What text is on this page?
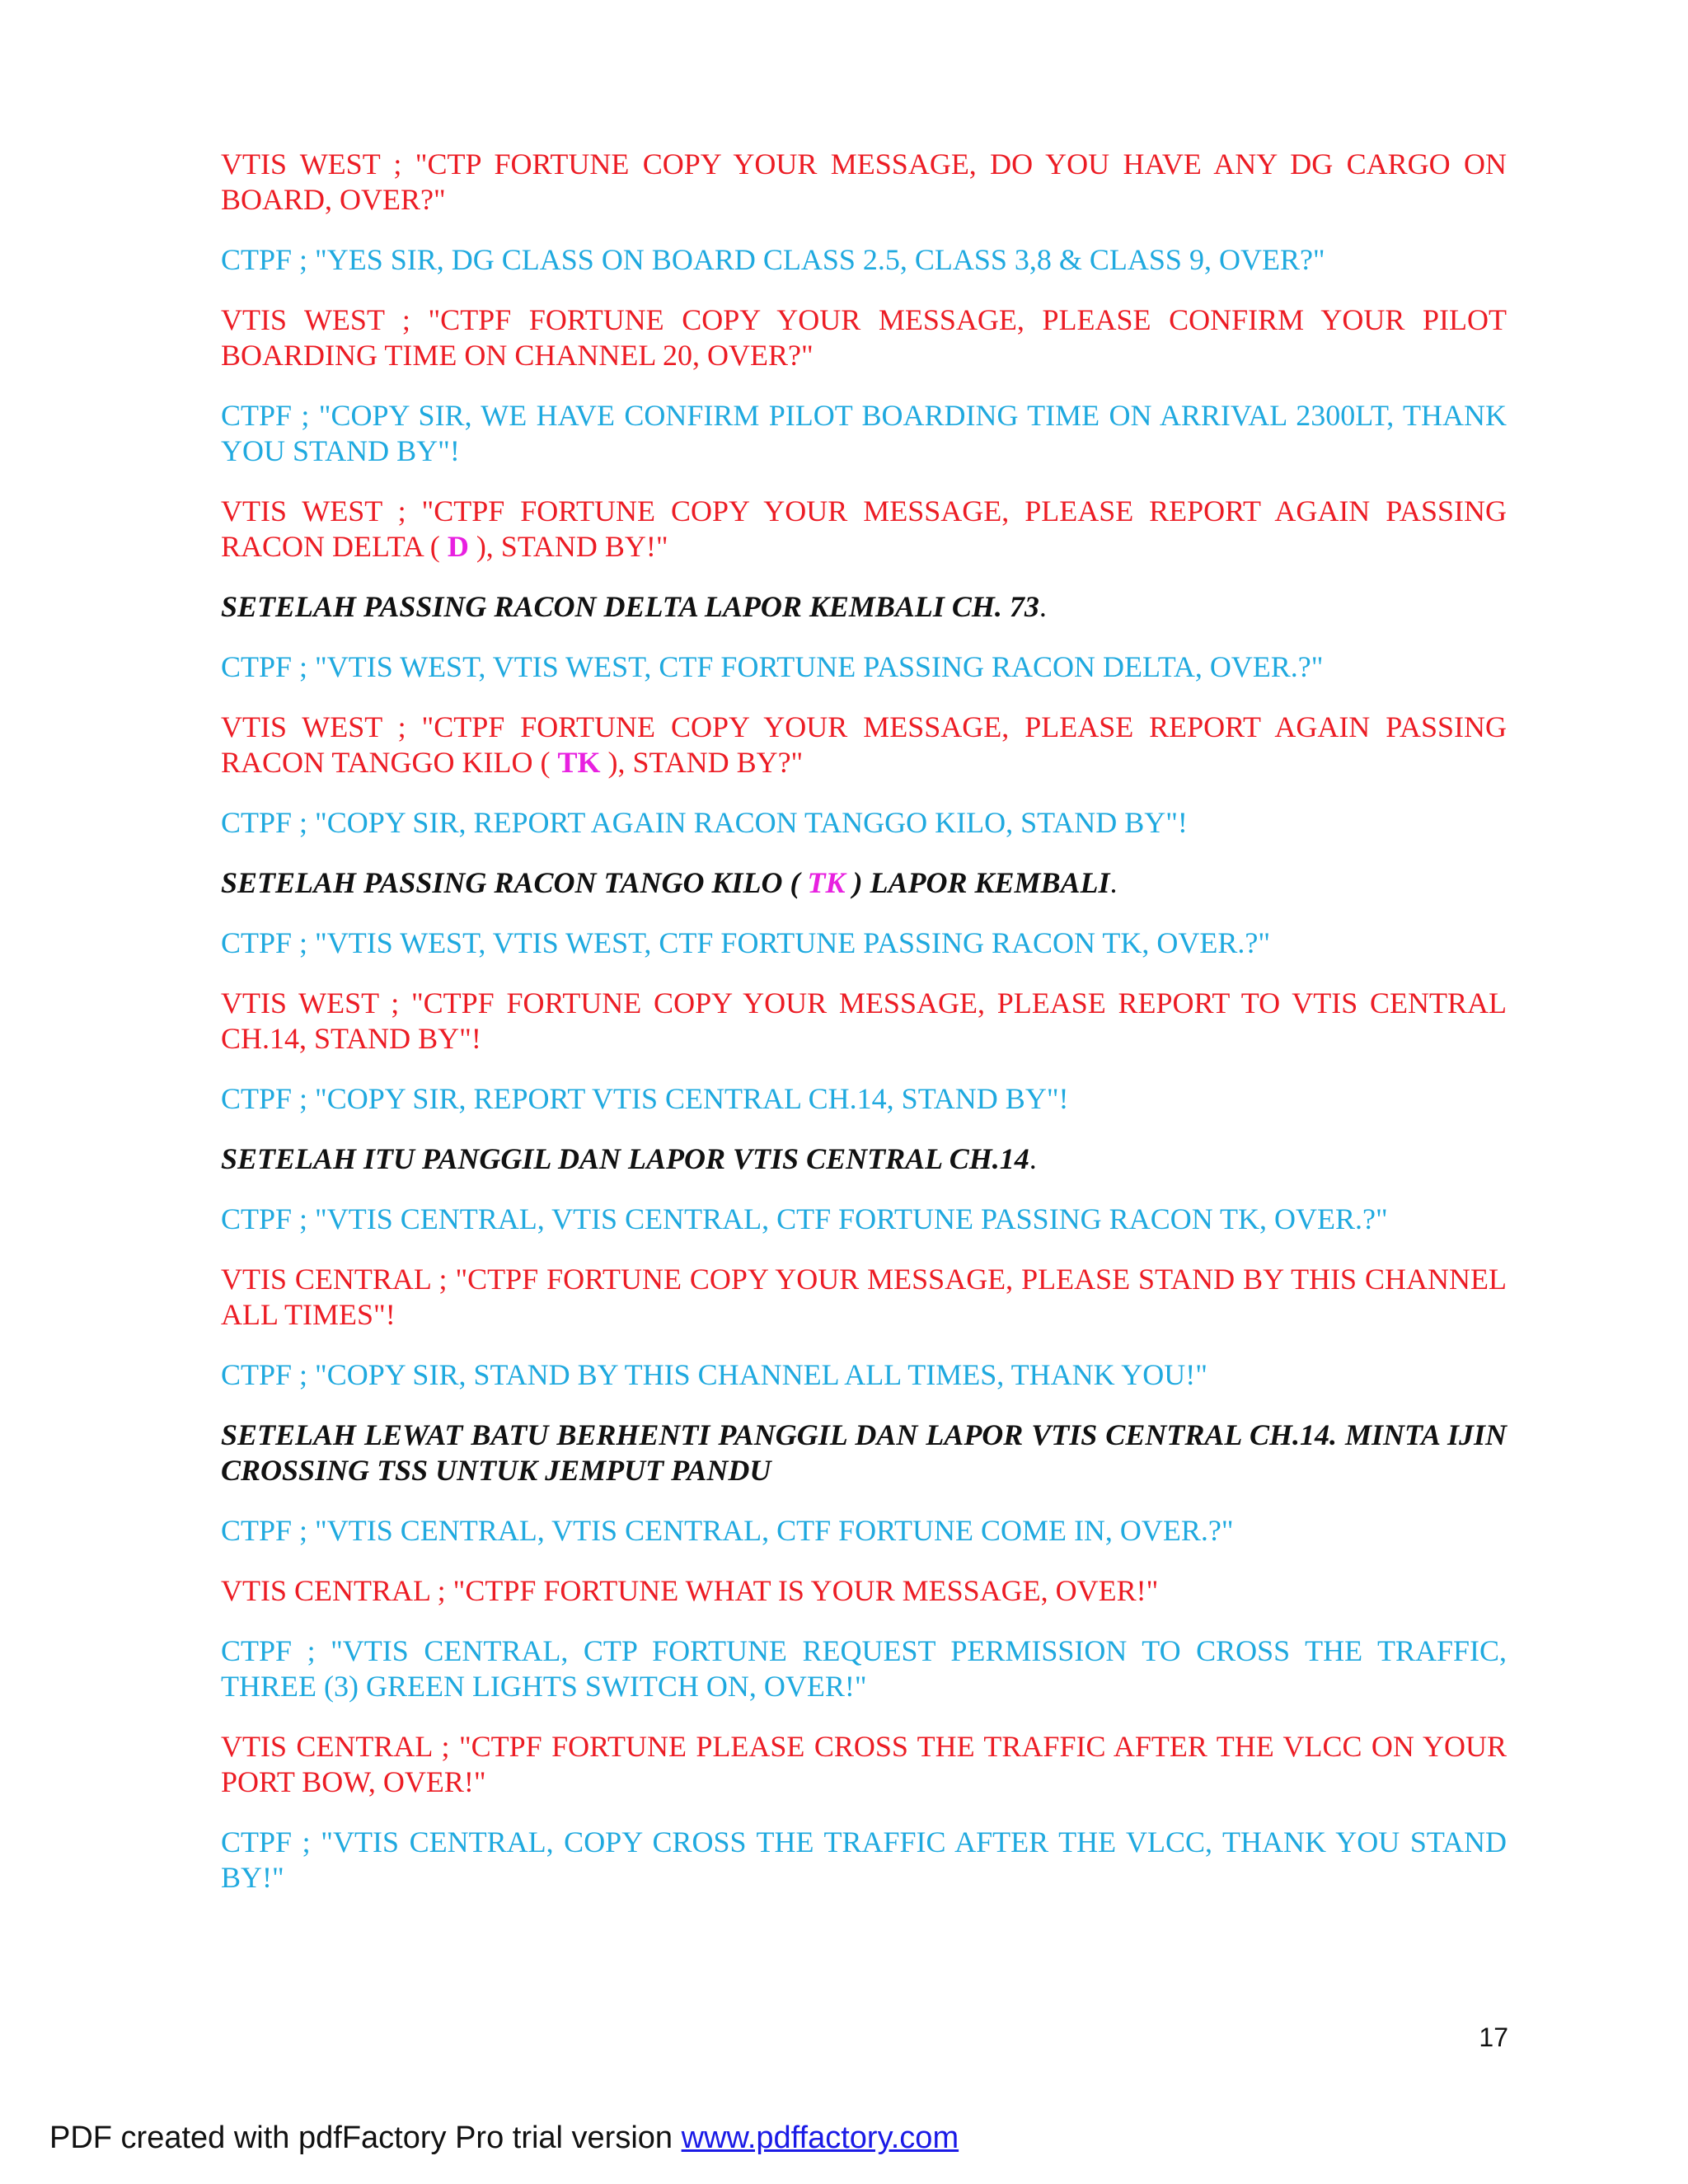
VTIS WEST ; "CTP FORTUNE COPY YOUR MESSAGE, DO YOU HAVE ANY DG CARGO ON BOARD, OVER?"

CTPF ; "YES SIR, DG CLASS ON BOARD CLASS 2.5, CLASS 3,8 & CLASS 9, OVER?"

VTIS WEST ; "CTPF FORTUNE COPY YOUR MESSAGE, PLEASE CONFIRM YOUR PILOT BOARDING TIME ON CHANNEL 20, OVER?"

CTPF ; "COPY SIR, WE HAVE CONFIRM PILOT BOARDING TIME ON ARRIVAL 2300LT, THANK YOU STAND BY"!

VTIS WEST ; "CTPF FORTUNE COPY YOUR MESSAGE, PLEASE REPORT AGAIN PASSING RACON DELTA ( D ), STAND BY!"

SETELAH PASSING RACON DELTA LAPOR KEMBALI CH. 73.

CTPF ; "VTIS WEST, VTIS WEST, CTF FORTUNE PASSING RACON DELTA, OVER.?"

VTIS WEST ; "CTPF FORTUNE COPY YOUR MESSAGE, PLEASE REPORT AGAIN PASSING RACON TANGGO KILO ( TK ), STAND BY?"

CTPF ; "COPY SIR, REPORT AGAIN RACON TANGGO KILO, STAND BY"!

SETELAH PASSING RACON TANGO KILO ( TK ) LAPOR KEMBALI.

CTPF ; "VTIS WEST, VTIS WEST, CTF FORTUNE PASSING RACON TK, OVER.?"

VTIS WEST ; "CTPF FORTUNE COPY YOUR MESSAGE, PLEASE REPORT TO VTIS CENTRAL CH.14, STAND BY"!

CTPF ; "COPY SIR, REPORT VTIS CENTRAL CH.14, STAND BY"!

SETELAH ITU PANGGIL DAN LAPOR VTIS CENTRAL CH.14.

CTPF ; "VTIS CENTRAL, VTIS CENTRAL, CTF FORTUNE PASSING RACON TK, OVER.?"

VTIS CENTRAL ; "CTPF FORTUNE COPY YOUR MESSAGE, PLEASE STAND BY THIS CHANNEL ALL TIMES"!

CTPF ; "COPY SIR, STAND BY THIS CHANNEL ALL TIMES, THANK YOU!"

SETELAH LEWAT BATU BERHENTI PANGGIL DAN LAPOR VTIS CENTRAL CH.14. MINTA IJIN CROSSING TSS UNTUK JEMPUT PANDU

CTPF ; "VTIS CENTRAL, VTIS CENTRAL, CTF FORTUNE COME IN, OVER.?"

VTIS CENTRAL ; "CTPF FORTUNE WHAT IS YOUR MESSAGE, OVER!"

CTPF ; "VTIS CENTRAL, CTP FORTUNE REQUEST PERMISSION TO CROSS THE TRAFFIC, THREE (3) GREEN LIGHTS SWITCH ON, OVER!"

VTIS CENTRAL ; "CTPF FORTUNE PLEASE CROSS THE TRAFFIC AFTER THE VLCC ON YOUR PORT BOW, OVER!"

CTPF ; "VTIS CENTRAL, COPY CROSS THE TRAFFIC AFTER THE VLCC, THANK YOU STAND BY!"

17
PDF created with pdfFactory Pro trial version www.pdffactory.com
